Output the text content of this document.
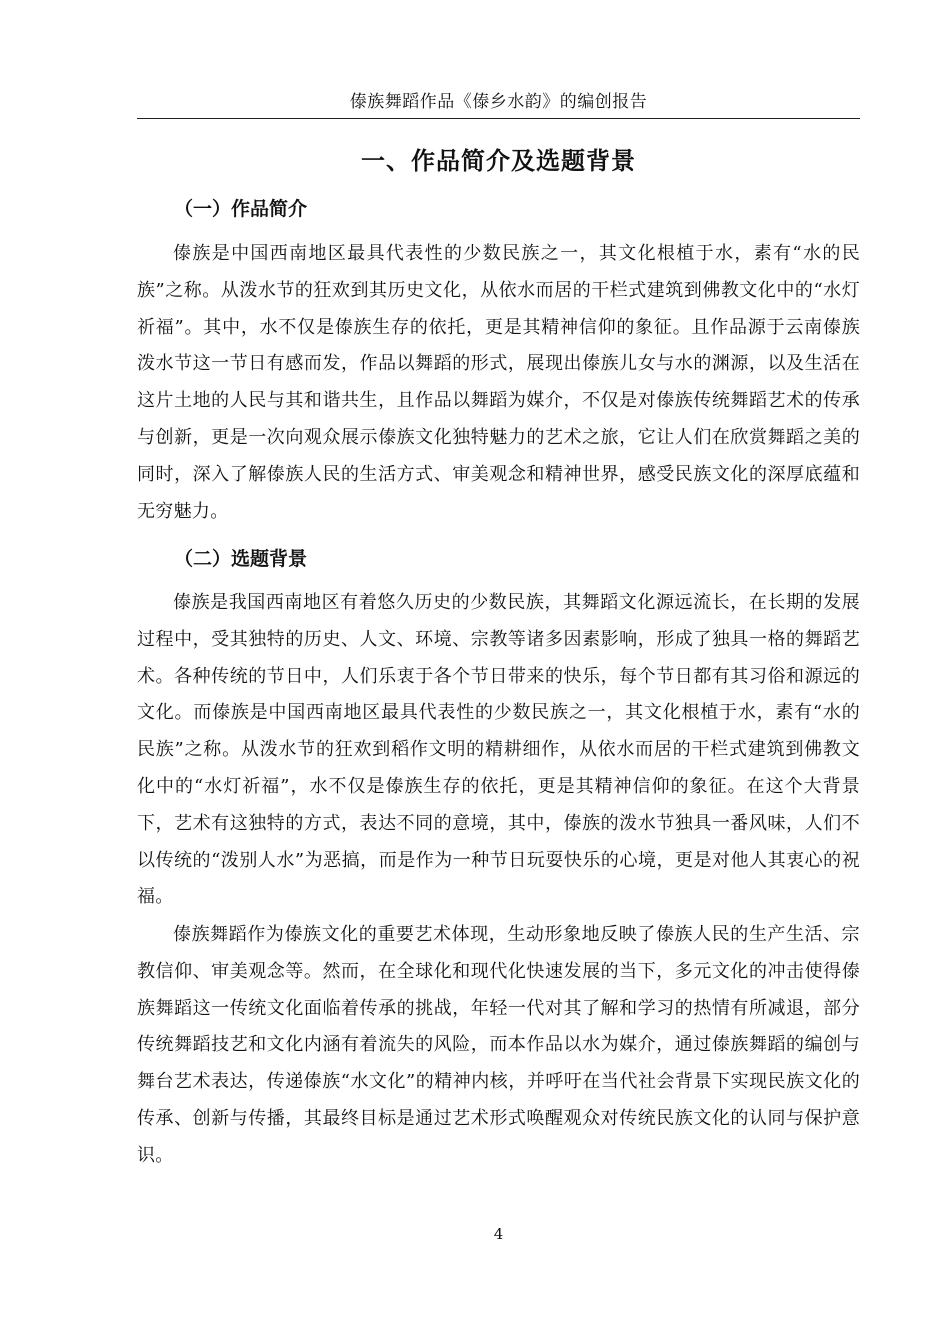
傣族舞蹈作品《傣乡水韵》的编创报告
一、作品简介及选题背景
（一）作品简介

傣族是中国西南地区最具代表性的少数民族之一，其文化根植于水，素有“水的民族”之称。从泼水节的狂欢到其历史文化，从依水而居的干栏式建筑到佛教文化中的“水灯祈福”。其中，水不仅是傣族生存的依托，更是其精神信仰的象征。且作品源于云南傣族泼水节这一节日有感而发，作品以舞蹈的形式，展现出傣族儿女与水的渊源，以及生活在这片土地的人民与其和谐共生，且作品以舞蹈为媒介，不仅是对傣族传统舞蹈艺术的传承与创新，更是一次向观众展示傣族文化独特魅力的艺术之旅，它让人们在欣赏舞蹈之美的同时，深入了解傣族人民的生活方式、审美观念和精神世界，感受民族文化的深厚底蕴和无穷魅力。

（二）选题背景

傣族是我国西南地区有着悠久历史的少数民族，其舞蹈文化源远流长，在长期的发展过程中，受其独特的历史、人文、环境、宗教等诸多因素影响，形成了独具一格的舞蹈艺术。各种传统的节日中，人们乐衷于各个节日带来的快乐，每个节日都有其习俗和源远的文化。而傣族是中国西南地区最具代表性的少数民族之一，其文化根植于水，素有“水的民族”之称。从泼水节的狂欢到稻作文明的精耕细作，从依水而居的干栏式建筑到佛教文化中的“水灯祈福”，水不仅是傣族生存的依托，更是其精神信仰的象征。在这个大背景下，艺术有这独特的方式，表达不同的意境，其中，傣族的泼水节独具一番风味，人们不以传统的“泼别人水”为恶搞，而是作为一种节日玩耍快乐的心境，更是对他人其衷心的祝福。

傣族舞蹈作为傣族文化的重要艺术体现，生动形象地反映了傣族人民的生产生活、宗教信仰、审美观念等。然而，在全球化和现代化快速发展的当下，多元文化的冲击使得傣族舞蹈这一传统文化面临着传承的挑战，年轻一代对其了解和学习的热情有所减退，部分传统舞蹈技艺和文化内涵有着流失的风险，而本作品以水为媒介，通过傣族舞蹈的编创与舞台艺术表达，传递傣族“水文化”的精神内核，并呼吁在当代社会背景下实现民族文化的传承、创新与传播，其最终目标是通过艺术形式唤醒观众对传统民族文化的认同与保护意识。

4
